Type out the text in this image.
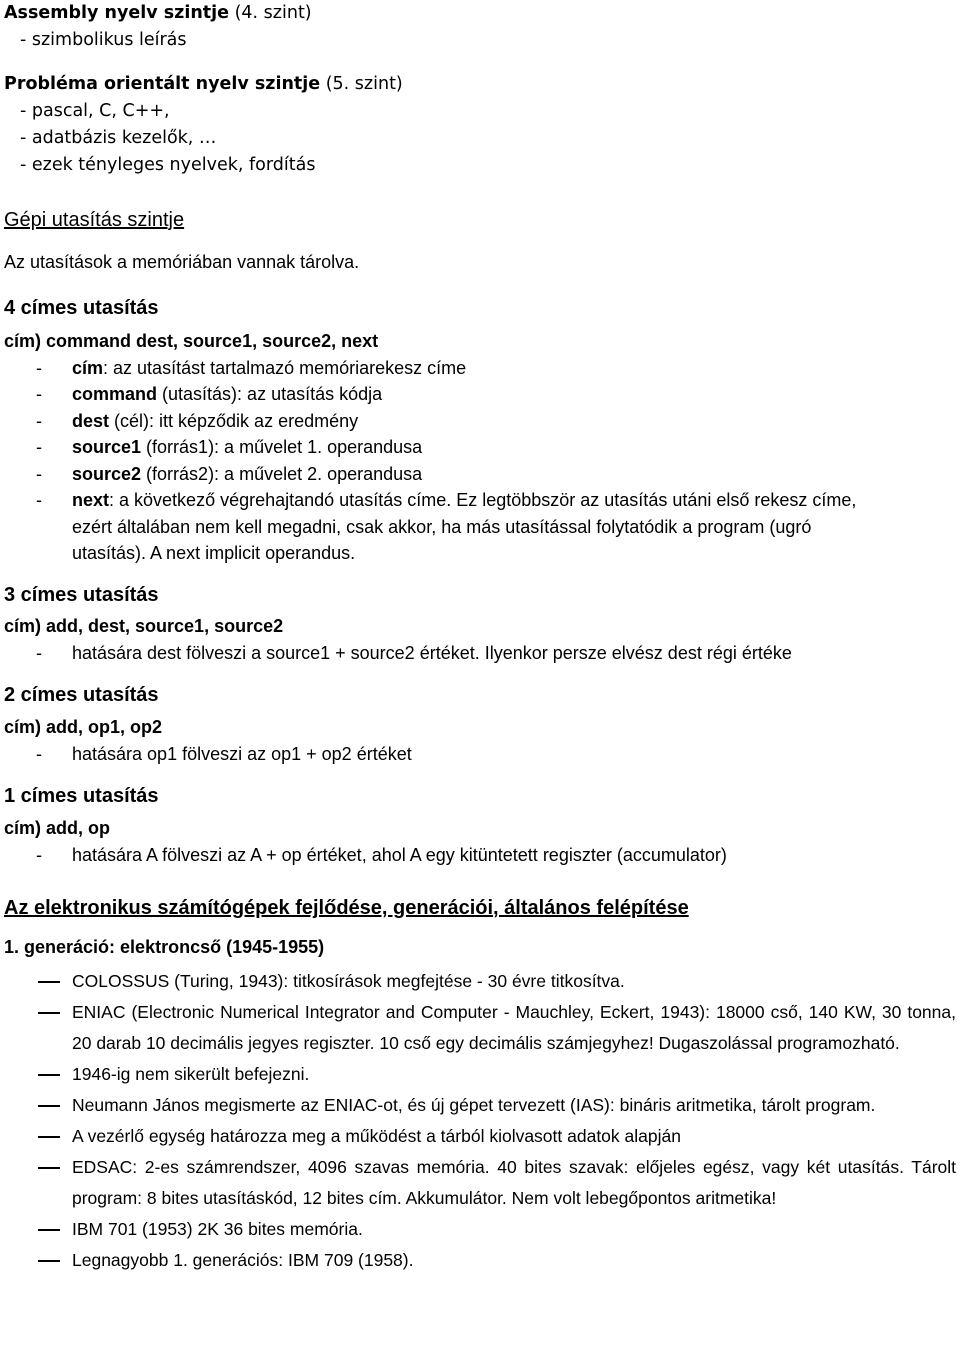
Assembly nyelv szintje (4. szint)

- szimbolikus leírás

Probléma orientált nyelv szintje (5. szint)

- pascal, C, C++,

- adatbázis kezelők, …

- ezek tényleges nyelvek, fordítás

Gépi utasítás szintje

Az utasítások a memóriában vannak tárolva.

4 címes utasítás

cím) command dest, source1, source2, next

- cím: az utasítást tartalmazó memóriarekesz címe

- command (utasítás): az utasítás kódja

- dest (cél): itt képződik az eredmény

- source1 (forrás1): a művelet 1. operandusa

- source2 (forrás2): a művelet 2. operandusa

- next: a következő végrehajtandó utasítás címe. Ez legtöbbször az utasítás utáni első rekesz címe,

ezért általában nem kell megadni, csak akkor, ha más utasítással folytatódik a program (ugró

utasítás). A next implicit operandus.

3 címes utasítás

cím) add, dest, source1, source2

- hatására dest fölveszi a source1 + source2 értéket. Ilyenkor persze elvész dest régi értéke

2 címes utasítás

cím) add, op1, op2

- hatására op1 fölveszi az op1 + op2 értéket

1 címes utasítás

cím) add, op

- hatására A fölveszi az A + op értéket, ahol A egy kitüntetett regiszter (accumulator)

Az elektronikus számítógépek fejlődése, generációi, általános felépítése

1. generáció: elektroncső (1945-1955)

COLOSSUS (Turing, 1943): titkosírások megfejtése - 30 évre titkosítva.
ENIAC (Electronic Numerical Integrator and Computer - Mauchley, Eckert, 1943): 18000 cső, 140 KW, 30 tonna, 20 darab 10 decimális jegyes regiszter. 10 cső egy decimális számjegyhez! Dugaszolással programozható.
1946-ig nem sikerült befejezni.
Neumann János megismerte az ENIAC-ot, és új gépet tervezett (IAS): bináris aritmetika, tárolt program.
A vezérlő egység határozza meg a működést a tárból kiolvasott adatok alapján
EDSAC: 2-es számrendszer, 4096 szavas memória. 40 bites szavak: előjeles egész, vagy két utasítás. Tárolt program: 8 bites utasításkód, 12 bites cím. Akkumulátor. Nem volt lebegőpontos aritmetika!
IBM 701 (1953) 2K 36 bites memória.
Legnagyobb 1. generációs: IBM 709 (1958).
